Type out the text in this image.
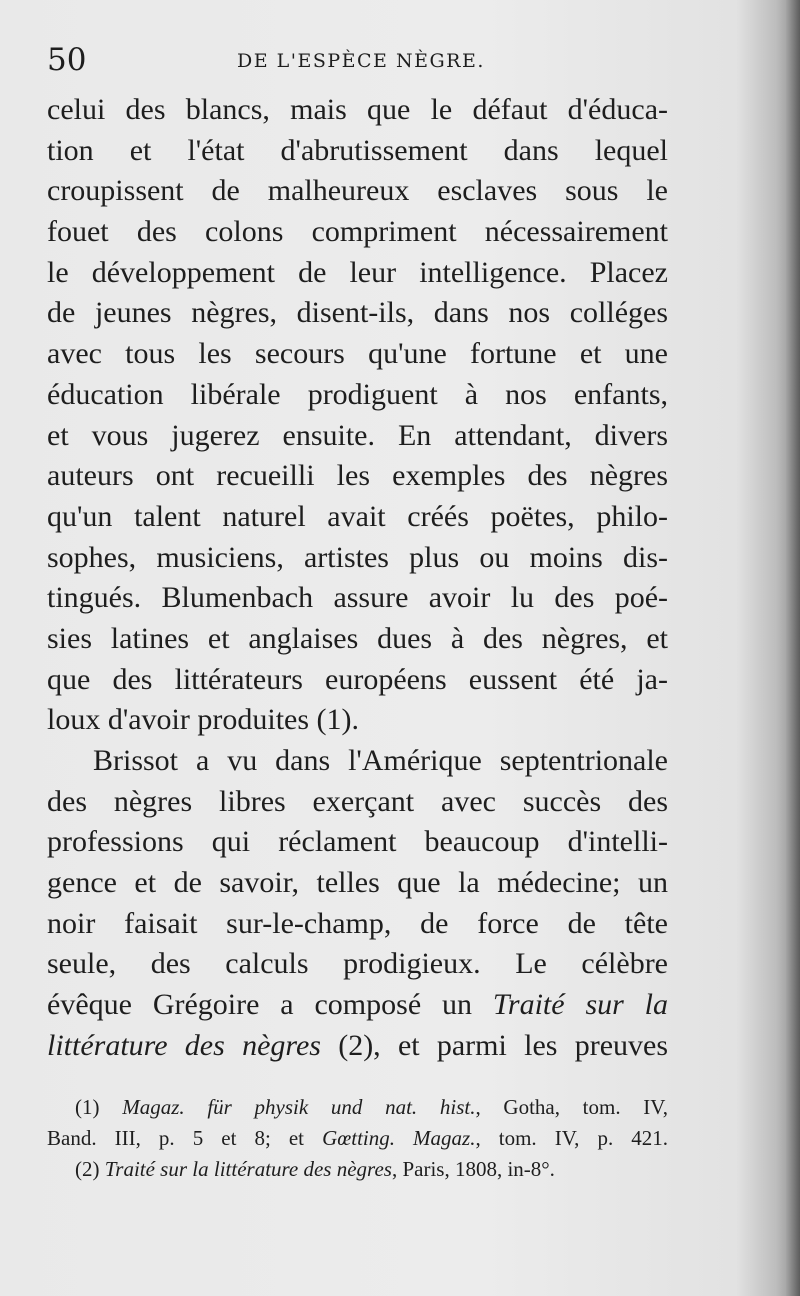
50	DE L'ESPÈCE NÈGRE.
celui des blancs, mais que le défaut d'éduca-
tion et l'état d'abrutissement dans lequel
croupissent de malheureux esclaves sous le
fouet des colons compriment nécessairement
le développement de leur intelligence. Placez
de jeunes nègres, disent-ils, dans nos colléges
avec tous les secours qu'une fortune et une
éducation libérale prodiguent à nos enfants,
et vous jugerez ensuite. En attendant, divers
auteurs ont recueilli les exemples des nègres
qu'un talent naturel avait créés poëtes, philo-
sophes, musiciens, artistes plus ou moins dis-
tingués. Blumenbach assure avoir lu des poé-
sies latines et anglaises dues à des nègres, et
que des littérateurs européens eussent été ja-
loux d'avoir produites (1).
Brissot a vu dans l'Amérique septentrionale
des nègres libres exerçant avec succès des
professions qui réclament beaucoup d'intelli-
gence et de savoir, telles que la médecine; un
noir faisait sur-le-champ, de force de tête
seule, des calculs prodigieux. Le célèbre
évêque Grégoire a composé un Traité sur la
littérature des nègres (2), et parmi les preuves
(1) Magaz. für physik und nat. hist., Gotha, tom. IV,
Band. III, p. 5 et 8; et Gœtting. Magaz., tom. IV, p. 421.
(2) Traité sur la littérature des nègres, Paris, 1808, in-8°.
